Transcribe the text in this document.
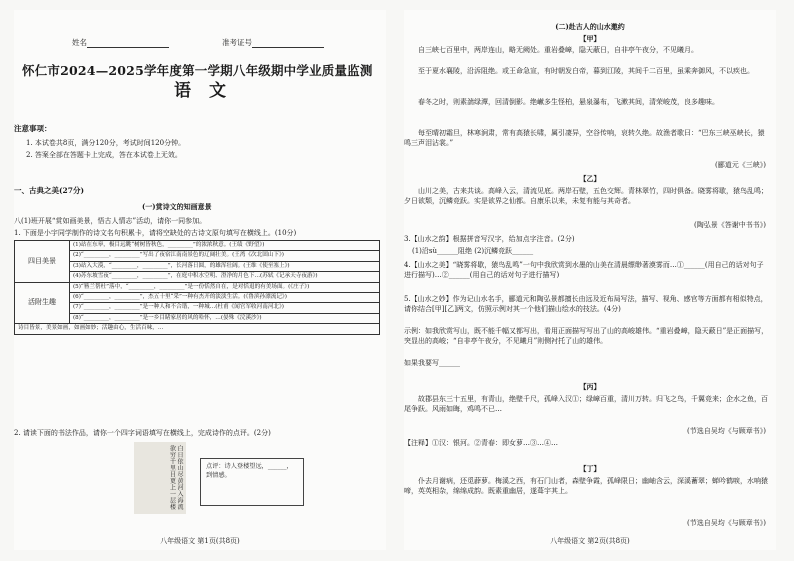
姓名	准考证号
怀仁市2024—2025学年度第一学期八年级期中学业质量监测
语文
注意事项：
1. 本试卷共8页，满分120分，考试时间120分钟。
2. 答案全部在答题卡上完成，答在本试卷上无效。
一、古典之美(27分)
(一)赏诗文的知画意景
八(1)班开展“赏如画美景，悟古人情志”活动，请你一同参加。
1. 下面是小宇同学制作的诗文名句积累卡，请将空缺处的古诗文原句填写在横线上。(10分)
四目美景	(1)站在东皋，极目远眺“树树皆秋色，_________”的浓浓秋意。(王绩《野望》)
	(2)“_________，_________”写出了夜宿江南南景色的辽阔壮美。(王湾《次北固山下》)
	(3)站入大漠，“_________，_________”，长河落日圆，的雄浑壮阔。(王维《使至塞上》)
	(4)苏东坡雪夜“_________，_________”，在庭中积水空明、澄净的月色下…(苏轼《记承天寺夜游》)
活附生趣	(5)“簪兰帮杜”落中，“_________，_________”是一份恬然自在，是对恬退的有美场面。(《庄子》)
	(6)“_________，_________”，杰五十里“采”一种有杰开的淡淡生活。(《鲁滨孙漂流记》)
	(7)“_________，_________”是一种人和不合谐，一种城…(杜甫《闻官军收河南河北》)
	(8)“_________，_________”是一乡目睹家居的风的哈怀，…(晏殊《浣溪沙》)
诗目皆景，美景如画，如画如妙；活趣由心，生活百味，…	
2. 请读下面的书法作品，请你一个四字词语填写在横线上，完成诗作的点评。(2分)
白日依山尽黄河入海流欲穷千里目更上一层楼	点评：诗人登楼望远，______，到情感。
八年级语文 第1页(共8页)
(二)赴古人的山水邀约
【甲】
自三峡七百里中，两岸连山，略无阙处。重岩叠嶂，隐天蔽日，自非亭午夜分，不见曦月。
至于夏水襄陵，沿泝阻绝。或王命急宣，有时朝发白帝，暮到江陵，其间千二百里，虽乘奔御风，不以疾也。
春冬之时，则素湍绿潭，回清倒影。绝𪩘多生怪柏，悬泉瀑布，飞漱其间，清荣峻茂，良多趣味。
每至晴初霜旦，林寒涧肃，常有高猿长啸，属引凄异，空谷传响，哀转久绝。故渔者歌曰：“巴东三峡巫峡长，猿鸣三声泪沾裳。”
(郦道元《三峡》)
【乙】
山川之美，古来共谈。高峰入云，清流见底。两岸石壁，五色交辉。青林翠竹，四时俱备。晓雾将歇，猿鸟乱鸣；夕日欲颓，沉鳞竞跃。实是欲界之仙都。自康乐以来，未复有能与其奇者。
(陶弘景《答谢中书书》)
3.【山水之韵】根据拼音写汉字，给加点字注音。(2分)
(1)沿sù______阻绝 (2)沉鳞竞跃______
4.【山水之美】“晓雾将歇，猿鸟乱鸣”一句中我欣赏到水墨的山美在清晨缥缈著漠雾而…①______(用自己的话对句子进行描写)…②______(用自己的话对句子进行描写)
5.【山水之妙】作为记山水名手，郦道元和陶弘景都擅长由远及近布局写法，描写、视角、感官等方面都有相似特点，请你结合[甲][乙]两文，仿照示例对其一个他们描山绘水的技法。(4分)
示例：如我欣赏写山，既不能千幅又都写出，看用正面描写写出了山的高峻雄伟。“重岩叠嶂，隐天蔽日”是正面描写，突显出的高峻；“自非亭午夜分，不见曦月”则侧衬托了山的雄伟。
如果我要写______
【丙】
故郡县东三十五里，有青山，绝壁千尺，孤峰入汉①；绿嶂百重，清川万转。归飞之鸟，千翼竞来；企水之鱼，百尾争跃。风雨如晦，鸡鸣不已…
(节选自吴均《与顾章书》)
【注释】①汉：银河。②青春：即女萝…③…④…
【丁】
仆去月谢病，还觅薜萝。梅溪之西，有石门山者，森壁争霞，孤峰限日；幽岫含云，深溪蓄翠；蝉吟鹤唳，水响猿啼，英英相杂，绵绵成韵。既素重幽居，遂葺宇其上。
(节选自吴均《与顾章书》)
八年级语文 第2页(共8页)
